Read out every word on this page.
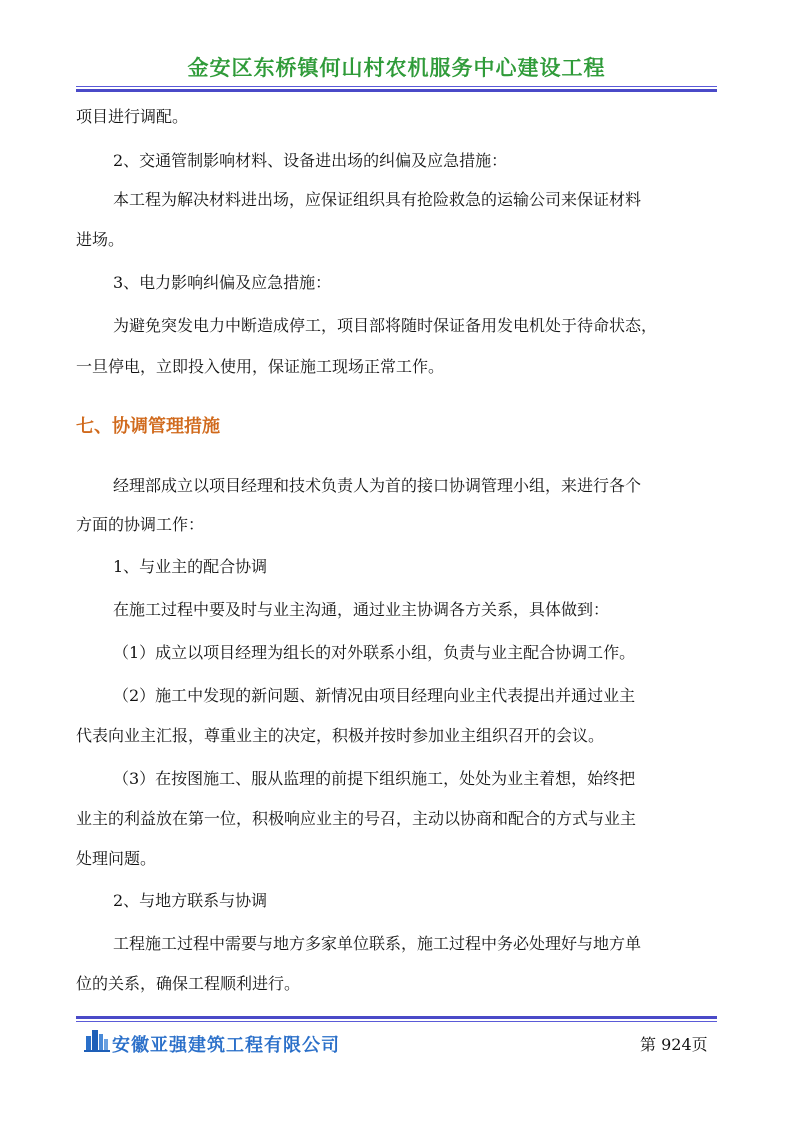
金安区东桥镇何山村农机服务中心建设工程
项目进行调配。
2、交通管制影响材料、设备进出场的纠偏及应急措施：
本工程为解决材料进出场，应保证组织具有抢险救急的运输公司来保证材料
进场。
3、电力影响纠偏及应急措施：
为避免突发电力中断造成停工，项目部将随时保证备用发电机处于待命状态，
一旦停电，立即投入使用，保证施工现场正常工作。
七、协调管理措施
经理部成立以项目经理和技术负责人为首的接口协调管理小组，来进行各个
方面的协调工作：
1、与业主的配合协调
在施工过程中要及时与业主沟通，通过业主协调各方关系，具体做到：
（1）成立以项目经理为组长的对外联系小组，负责与业主配合协调工作。
（2）施工中发现的新问题、新情况由项目经理向业主代表提出并通过业主
代表向业主汇报，尊重业主的决定，积极并按时参加业主组织召开的会议。
（3）在按图施工、服从监理的前提下组织施工，处处为业主着想，始终把
业主的利益放在第一位，积极响应业主的号召，主动以协商和配合的方式与业主
处理问题。
2、与地方联系与协调
工程施工过程中需要与地方多家单位联系，施工过程中务必处理好与地方单
位的关系，确保工程顺利进行。
安徽亚强建筑工程有限公司	第 924页
